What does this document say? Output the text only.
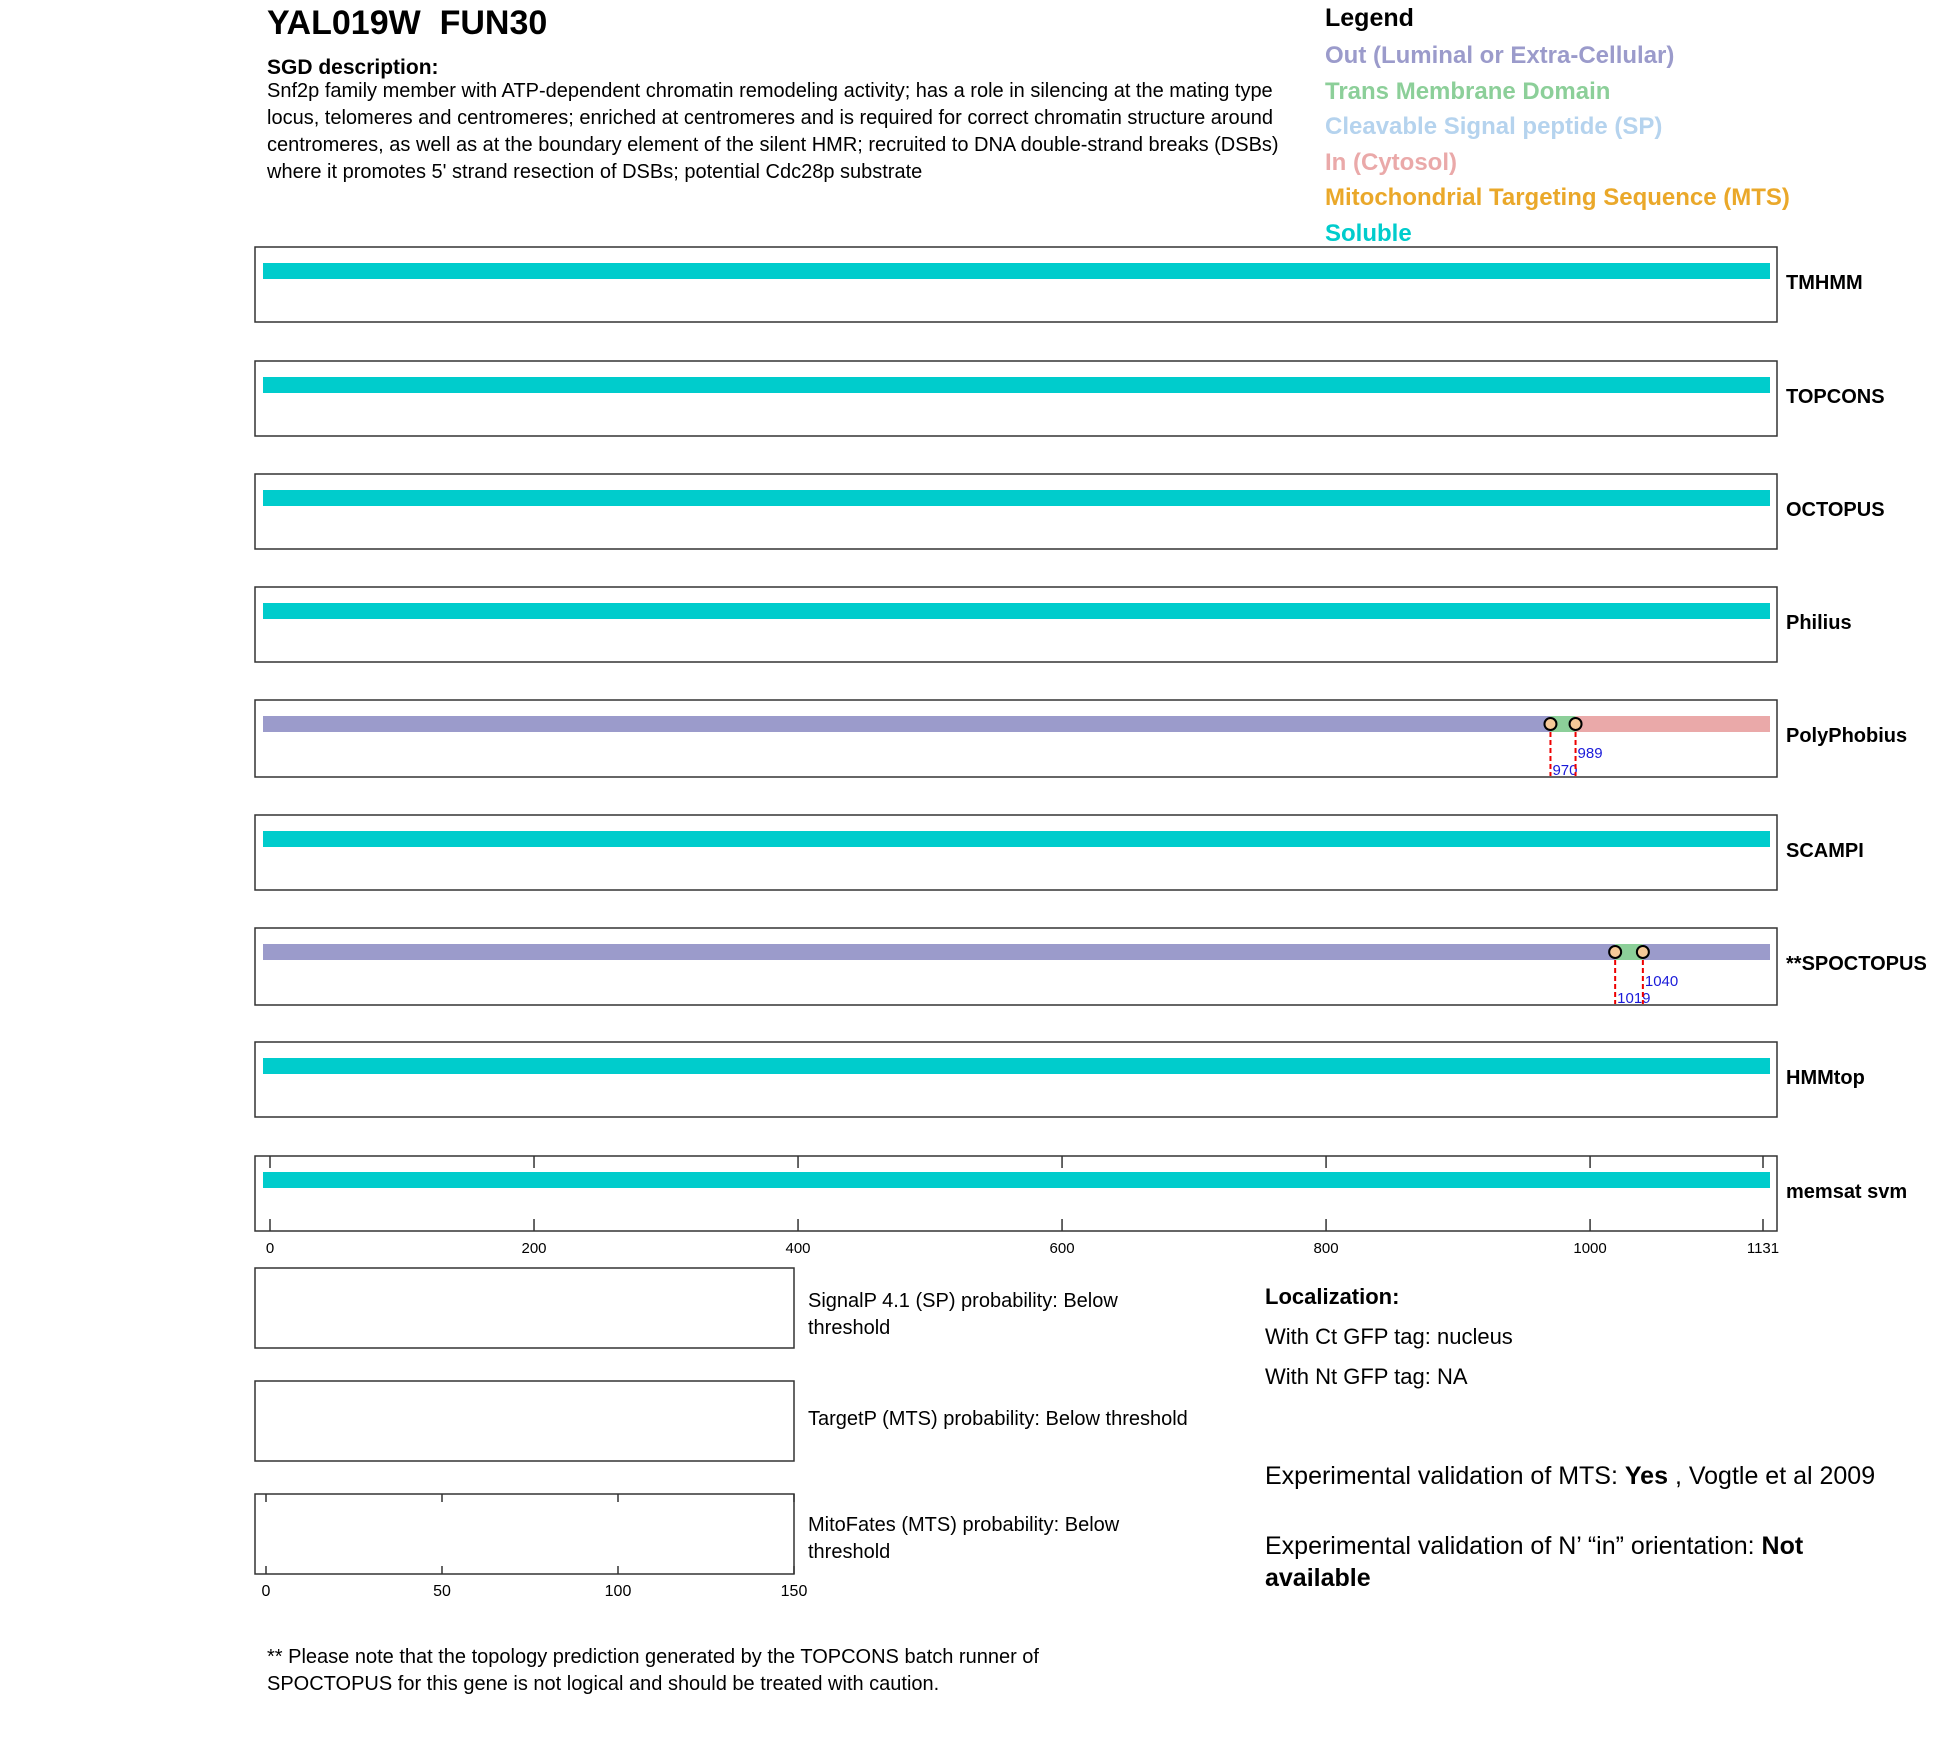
YAL019W  FUN30
SGD description:
Snf2p family member with ATP-dependent chromatin remodeling activity; has a role in silencing at the mating type locus, telomeres and centromeres; enriched at centromeres and is required for correct chromatin structure around centromeres, as well as at the boundary element of the silent HMR; recruited to DNA double-strand breaks (DSBs) where it promotes 5' strand resection of DSBs; potential Cdc28p substrate
Legend
Out (Luminal or Extra-Cellular)
Trans Membrane Domain
Cleavable Signal peptide (SP)
In (Cytosol)
Mitochondrial Targeting Sequence (MTS)
Soluble
TMHMM
TOPCONS
OCTOPUS
Philius
970
989
PolyPhobius
SCAMPI
1019
1040
**SPOCTOPUS
HMMtop
memsat svm
0	200	400	600	800	1000	1131
0	50	100	150
SignalP 4.1 (SP) probability: Below threshold
TargetP (MTS) probability: Below threshold
MitoFates (MTS) probability: Below threshold
Localization:
With Ct GFP tag: nucleus
With Nt GFP tag: NA
Experimental validation of MTS: Yes , Vogtle et al 2009
Experimental validation of N’ “in” orientation: Not available
** Please note that the topology prediction generated by the TOPCONS batch runner of SPOCTOPUS for this gene is not logical and should be treated with caution.
